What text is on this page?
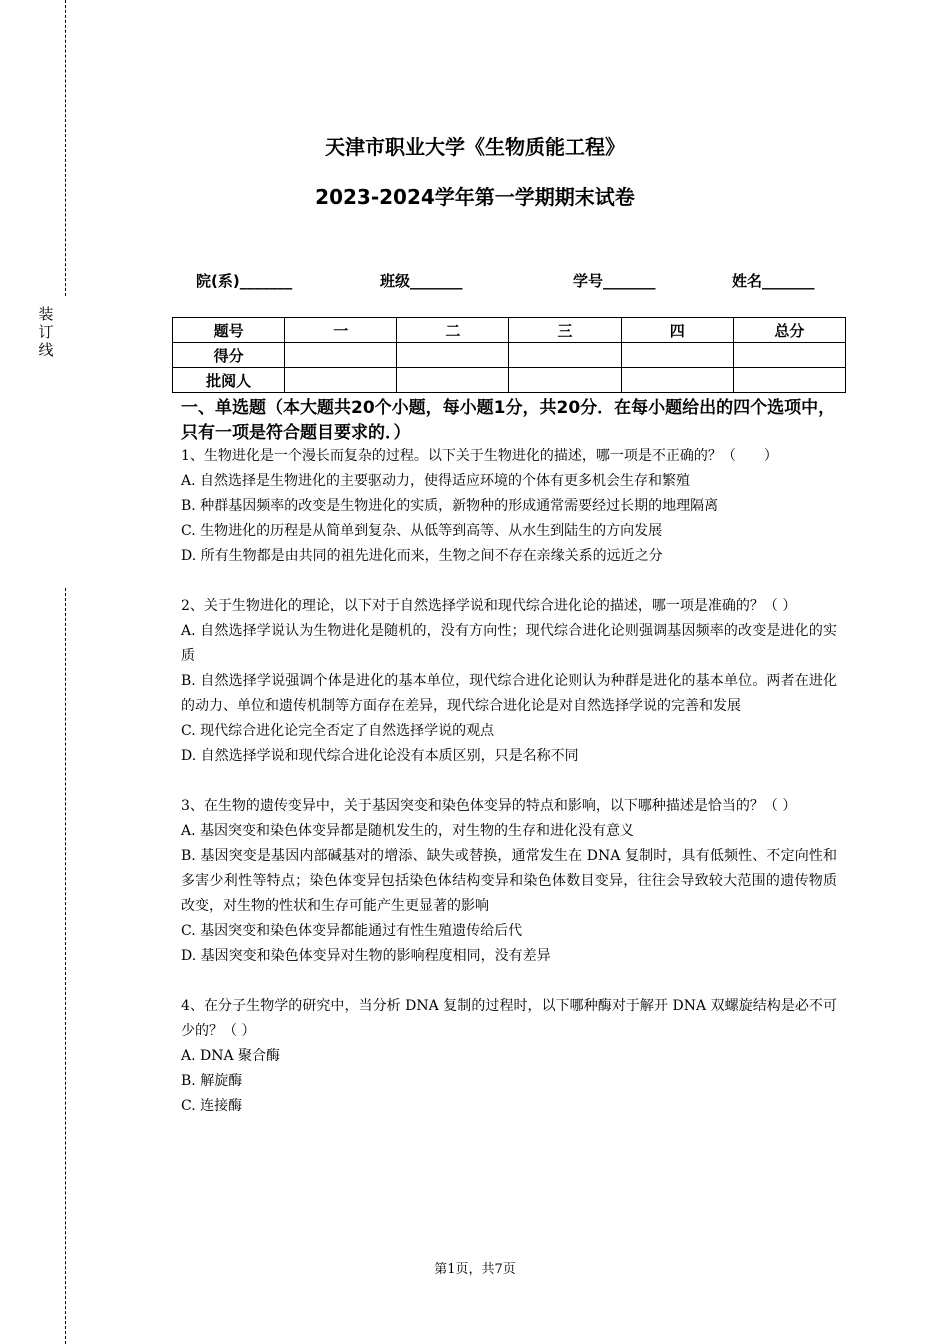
装
订
线
天津市职业大学《生物质能工程》
2023-2024学年第一学期期末试卷
院(系)_______	班级_______	学号_______	姓名_______
题号	一	二	三	四	总分
得分					
批阅人					
一、单选题（本大题共20个小题，每小题1分，共20分．在每小题给出的四个选项中，只有一项是符合题目要求的．）

1、生物进化是一个漫长而复杂的过程。以下关于生物进化的描述，哪一项是不正确的？（　　）

A. 自然选择是生物进化的主要驱动力，使得适应环境的个体有更多机会生存和繁殖

B. 种群基因频率的改变是生物进化的实质，新物种的形成通常需要经过长期的地理隔离

C. 生物进化的历程是从简单到复杂、从低等到高等、从水生到陆生的方向发展

D. 所有生物都是由共同的祖先进化而来，生物之间不存在亲缘关系的远近之分

2、关于生物进化的理论，以下对于自然选择学说和现代综合进化论的描述，哪一项是准确的？（ ）

A. 自然选择学说认为生物进化是随机的，没有方向性；现代综合进化论则强调基因频率的改变是进化的实质

B. 自然选择学说强调个体是进化的基本单位，现代综合进化论则认为种群是进化的基本单位。两者在进化的动力、单位和遗传机制等方面存在差异，现代综合进化论是对自然选择学说的完善和发展

C. 现代综合进化论完全否定了自然选择学说的观点

D. 自然选择学说和现代综合进化论没有本质区别，只是名称不同

3、在生物的遗传变异中，关于基因突变和染色体变异的特点和影响，以下哪种描述是恰当的？（ ）

A. 基因突变和染色体变异都是随机发生的，对生物的生存和进化没有意义

B. 基因突变是基因内部碱基对的增添、缺失或替换，通常发生在 DNA 复制时，具有低频性、不定向性和多害少利性等特点；染色体变异包括染色体结构变异和染色体数目变异，往往会导致较大范围的遗传物质改变，对生物的性状和生存可能产生更显著的影响

C. 基因突变和染色体变异都能通过有性生殖遗传给后代

D. 基因突变和染色体变异对生物的影响程度相同，没有差异

4、在分子生物学的研究中，当分析 DNA 复制的过程时，以下哪种酶对于解开 DNA 双螺旋结构是必不可少的？（ ）

A. DNA 聚合酶

B. 解旋酶

C. 连接酶

第1页，共7页
